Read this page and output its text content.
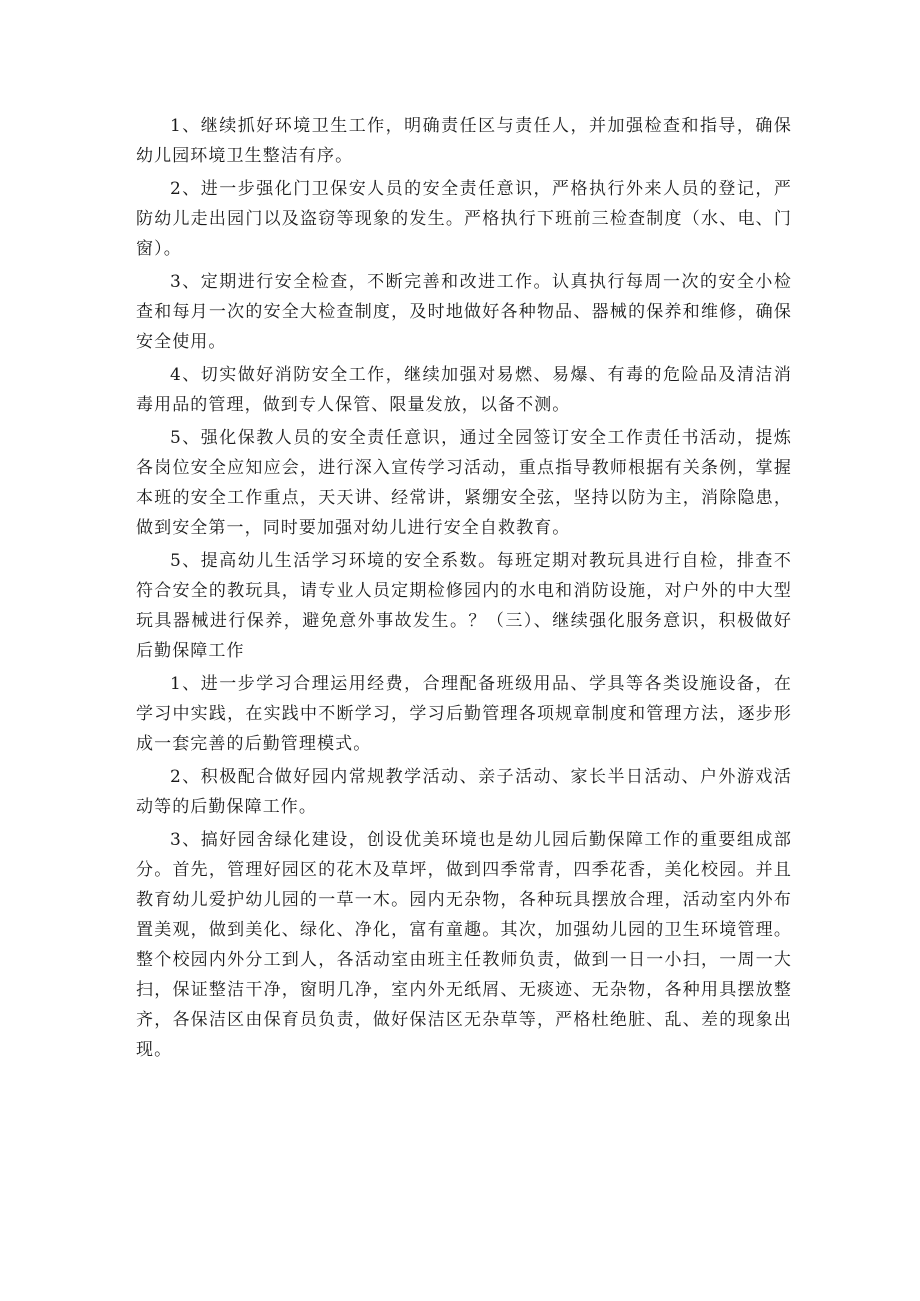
1、继续抓好环境卫生工作，明确责任区与责任人，并加强检查和指导，确保幼儿园环境卫生整洁有序。

2、进一步强化门卫保安人员的安全责任意识，严格执行外来人员的登记，严防幼儿走出园门以及盗窃等现象的发生。严格执行下班前三检查制度（水、电、门窗）。

3、定期进行安全检查，不断完善和改进工作。认真执行每周一次的安全小检查和每月一次的安全大检查制度，及时地做好各种物品、器械的保养和维修，确保安全使用。

4、切实做好消防安全工作，继续加强对易燃、易爆、有毒的危险品及清洁消毒用品的管理，做到专人保管、限量发放，以备不测。

5、强化保教人员的安全责任意识，通过全园签订安全工作责任书活动，提炼各岗位安全应知应会，进行深入宣传学习活动，重点指导教师根据有关条例，掌握本班的安全工作重点，天天讲、经常讲，紧绷安全弦，坚持以防为主，消除隐患，做到安全第一，同时要加强对幼儿进行安全自救教育。

5、提高幼儿生活学习环境的安全系数。每班定期对教玩具进行自检，排查不符合安全的教玩具，请专业人员定期检修园内的水电和消防设施，对户外的中大型玩具器械进行保养，避免意外事故发生。？（三）、继续强化服务意识，积极做好后勤保障工作

1、进一步学习合理运用经费，合理配备班级用品、学具等各类设施设备，在学习中实践，在实践中不断学习，学习后勤管理各项规章制度和管理方法，逐步形成一套完善的后勤管理模式。

2、积极配合做好园内常规教学活动、亲子活动、家长半日活动、户外游戏活动等的后勤保障工作。

3、搞好园舍绿化建设，创设优美环境也是幼儿园后勤保障工作的重要组成部分。首先，管理好园区的花木及草坪，做到四季常青，四季花香，美化校园。并且教育幼儿爱护幼儿园的一草一木。园内无杂物，各种玩具摆放合理，活动室内外布置美观，做到美化、绿化、净化，富有童趣。其次，加强幼儿园的卫生环境管理。整个校园内外分工到人，各活动室由班主任教师负责，做到一日一小扫，一周一大扫，保证整洁干净，窗明几净，室内外无纸屑、无痰迹、无杂物，各种用具摆放整齐，各保洁区由保育员负责，做好保洁区无杂草等，严格杜绝脏、乱、差的现象出现。
